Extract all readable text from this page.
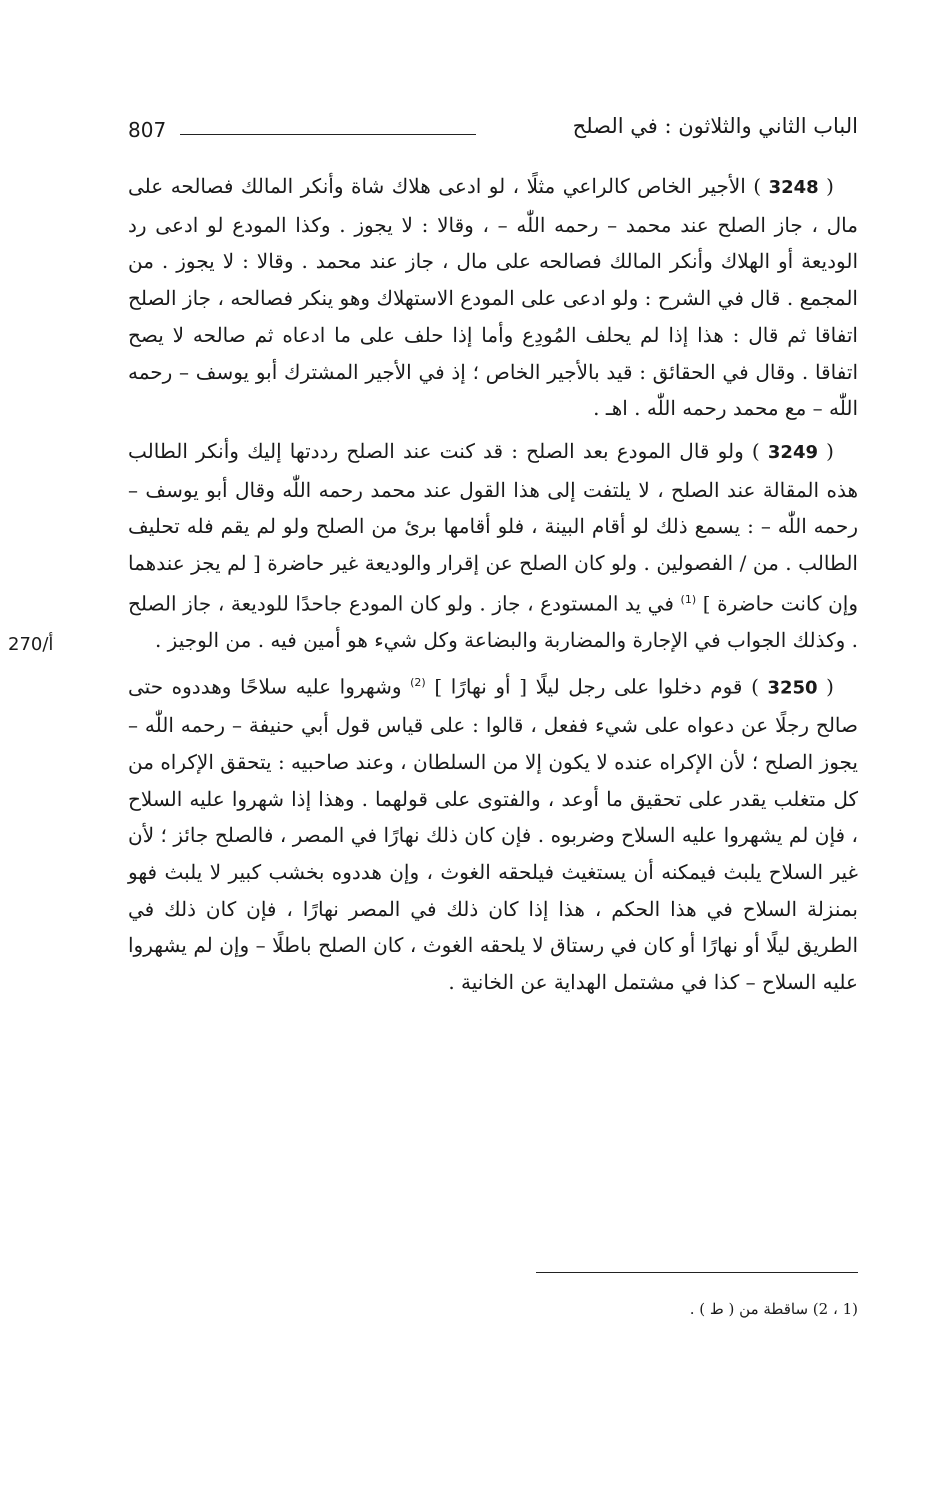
807	الباب الثاني والثلاثون : في الصلح

( 3248 ) الأجير الخاص كالراعي مثلًا ، لو ادعى هلاك شاة وأنكر المالك فصالحه على مال ، جاز الصلح عند محمد – رحمه اللّٰه – ، وقالا : لا يجوز . وكذا المودع لو ادعى رد الوديعة أو الهلاك وأنكر المالك فصالحه على مال ، جاز عند محمد . وقالا : لا يجوز . من المجمع . قال في الشرح : ولو ادعى على المودع الاستهلاك وهو ينكر فصالحه ، جاز الصلح اتفاقا ثم قال : هذا إذا لم يحلف المُودِع وأما إذا حلف على ما ادعاه ثم صالحه لا يصح اتفاقا . وقال في الحقائق : قيد بالأجير الخاص ؛ إذ في الأجير المشترك أبو يوسف – رحمه اللّٰه – مع محمد رحمه اللّٰه . اهـ .

( 3249 ) ولو قال المودع بعد الصلح : قد كنت عند الصلح رددتها إليك وأنكر الطالب هذه المقالة عند الصلح ، لا يلتفت إلى هذا القول عند محمد رحمه اللّٰه وقال أبو يوسف – رحمه اللّٰه – : يسمع ذلك لو أقام البينة ، فلو أقامها برئ من الصلح ولو لم يقم فله تحليف الطالب . من / الفصولين . ولو كان الصلح عن إقرار والوديعة غير حاضرة [ لم يجز عندهما وإن كانت حاضرة ] $^{(1)}$ في يد المستودع ، جاز . ولو كان المودع جاحدًا للوديعة ، جاز الصلح . وكذلك الجواب في الإجارة والمضاربة والبضاعة وكل شيء هو أمين فيه . من الوجيز .

( 3250 ) قوم دخلوا على رجل ليلًا [ أو نهارًا ] $^{(2)}$ وشهروا عليه سلاحًا وهددوه حتى صالح رجلًا عن دعواه على شيء ففعل ، قالوا : على قياس قول أبي حنيفة – رحمه اللّٰه – يجوز الصلح ؛ لأن الإكراه عنده لا يكون إلا من السلطان ، وعند صاحبيه : يتحقق الإكراه من كل متغلب يقدر على تحقيق ما أوعد ، والفتوى على قولهما . وهذا إذا شهروا عليه السلاح ، فإن لم يشهروا عليه السلاح وضربوه . فإن كان ذلك نهارًا في المصر ، فالصلح جائز ؛ لأن غير السلاح يلبث فيمكنه أن يستغيث فيلحقه الغوث ، وإن هددوه بخشب كبير لا يلبث فهو بمنزلة السلاح في هذا الحكم ، هذا إذا كان ذلك في المصر نهارًا ، فإن كان ذلك في الطريق ليلًا أو نهارًا أو كان في رستاق لا يلحقه الغوث ، كان الصلح باطلًا – وإن لم يشهروا عليه السلاح – كذا في مشتمل الهداية عن الخانية .

270/أ
(1 ، 2) ساقطة من ( ط ) .
